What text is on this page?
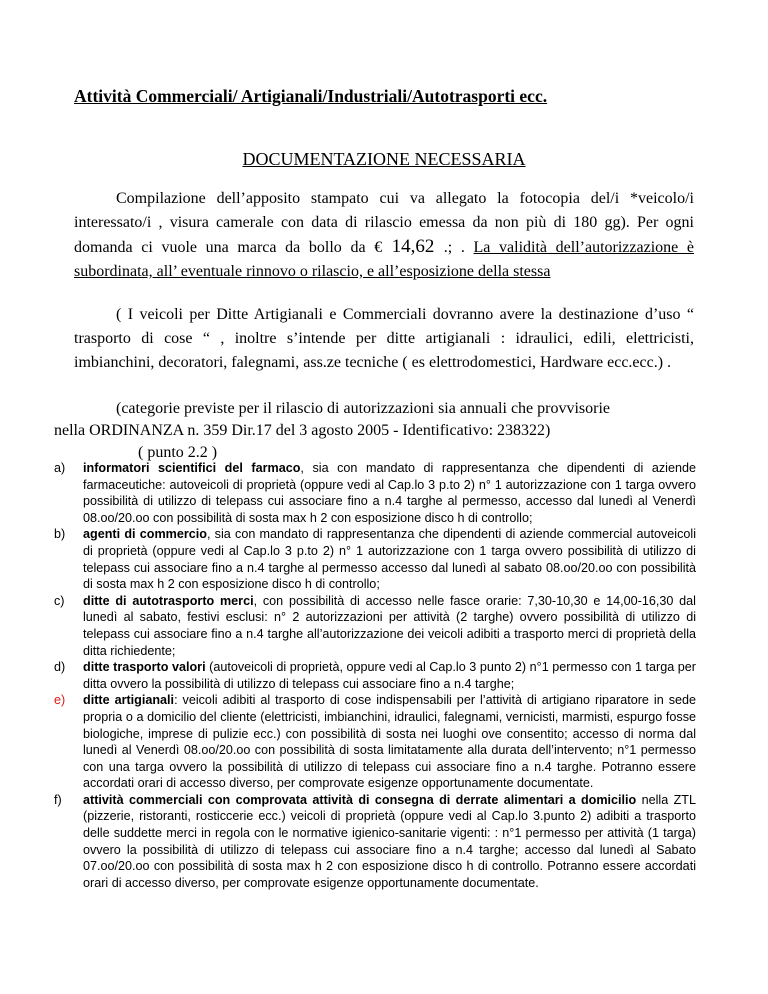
Attività Commerciali/ Artigianali/Industriali/Autotrasporti ecc.
DOCUMENTAZIONE NECESSARIA
Compilazione dell’apposito stampato cui va allegato la fotocopia del/i *veicolo/i interessato/i , visura camerale con data di rilascio emessa da non più di 180 gg). Per ogni domanda ci vuole una marca da bollo da € 14,62 .; . La validità dell’autorizzazione è subordinata, all’ eventuale rinnovo o rilascio, e all’esposizione della stessa
( I veicoli per Ditte Artigianali e Commerciali dovranno avere la destinazione d’uso “ trasporto di cose “ , inoltre s’intende per ditte artigianali : idraulici, edili, elettricisti, imbianchini, decoratori, falegnami, ass.ze tecniche ( es elettrodomestici, Hardware ecc.ecc.) .
(categorie previste per il rilascio di autorizzazioni sia annuali che provvisorie
nella ORDINANZA n. 359 Dir.17 del 3 agosto 2005 - Identificativo: 238322)
( punto 2.2 )
a) informatori scientifici del farmaco, sia con mandato di rappresentanza che dipendenti di aziende farmaceutiche: autoveicoli di proprietà (oppure vedi al Cap.lo 3 p.to 2) n° 1 autorizzazione con 1 targa ovvero possibilità di utilizzo di telepass cui associare fino a n.4 targhe al permesso, accesso dal lunedì al Venerdì 08.oo/20.oo con possibilità di sosta max h 2 con esposizione disco h di controllo;
b) agenti di commercio, sia con mandato di rappresentanza che dipendenti di aziende commercial autoveicoli di proprietà (oppure vedi al Cap.lo 3 p.to 2) n° 1 autorizzazione con 1 targa ovvero possibilità di utilizzo di telepass cui associare fino a n.4 targhe al permesso accesso dal lunedì al sabato 08.oo/20.oo con possibilità di sosta max h 2 con esposizione disco h di controllo;
c) ditte di autotrasporto merci, con possibilità di accesso nelle fasce orarie: 7,30-10,30 e 14,00-16,30 dal lunedì al sabato, festivi esclusi: n° 2 autorizzazioni per attività (2 targhe) ovvero possibilità di utilizzo di telepass cui associare fino a n.4 targhe all’autorizzazione dei veicoli adibiti a trasporto merci di proprietà della ditta richiedente;
d) ditte trasporto valori (autoveicoli di proprietà, oppure vedi al Cap.lo 3 punto 2) n°1 permesso con 1 targa per ditta ovvero la possibilità di utilizzo di telepass cui associare fino a n.4 targhe;
e) ditte artigianali: veicoli adibiti al trasporto di cose indispensabili per l’attività di artigiano riparatore in sede propria o a domicilio del cliente (elettricisti, imbianchini, idraulici, falegnami, vernicisti, marmisti, espurgo fosse biologiche, imprese di pulizie ecc.) con possibilità di sosta nei luoghi ove consentito; accesso di norma dal lunedì al Venerdì 08.oo/20.oo con possibilità di sosta limitatamente alla durata dell’intervento; n°1 permesso con una targa ovvero la possibilità di utilizzo di telepass cui associare fino a n.4 targhe. Potranno essere accordati orari di accesso diverso, per comprovate esigenze opportunamente documentate.
f) attività commerciali con comprovata attività di consegna di derrate alimentari a domicilio nella ZTL (pizzerie, ristoranti, rosticcerie ecc.) veicoli di proprietà (oppure vedi al Cap.lo 3.punto 2) adibiti a trasporto delle suddette merci in regola con le normative igienico-sanitarie vigenti: : n°1 permesso per attività (1 targa) ovvero la possibilità di utilizzo di telepass cui associare fino a n.4 targhe; accesso dal lunedì al Sabato 07.oo/20.oo con possibilità di sosta max h 2 con esposizione disco h di controllo. Potranno essere accordati orari di accesso diverso, per comprovate esigenze opportunamente documentate.
